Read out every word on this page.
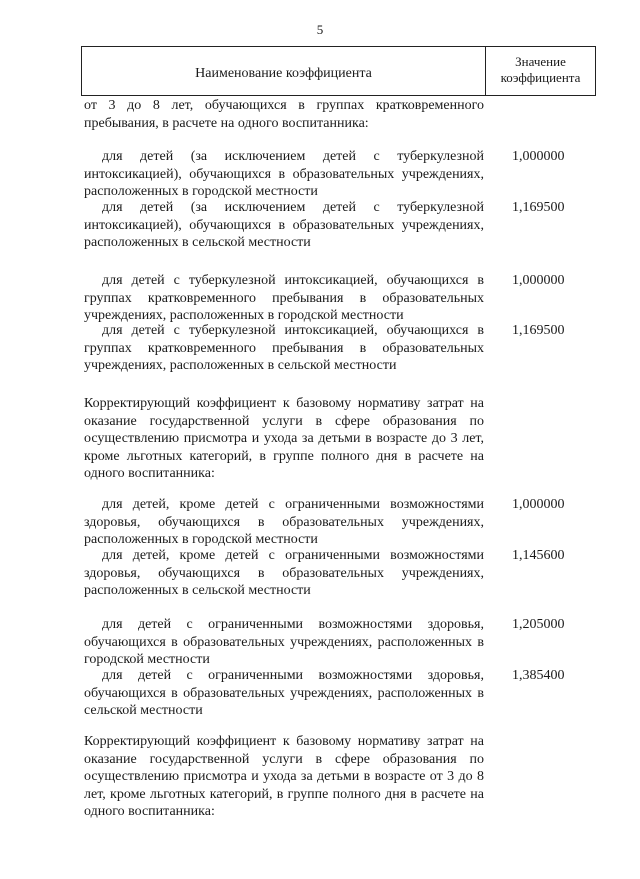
5
Наименование коэффициента
Значение коэффициента
от 3 до 8 лет, обучающихся в группах кратковременного пребывания, в расчете на одного воспитанника:
для детей (за исключением детей с туберкулезной интоксикацией), обучающихся в образовательных учреждениях, расположенных в городской местности
1,000000
для детей (за исключением детей с туберкулезной интоксикацией), обучающихся в образовательных учреждениях, расположенных в сельской местности
1,169500
для детей с туберкулезной интоксикацией, обучающихся в группах кратковременного пребывания в образовательных учреждениях, расположенных в городской местности
1,000000
для детей с туберкулезной интоксикацией, обучающихся в группах кратковременного пребывания в образовательных учреждениях, расположенных в сельской местности
1,169500
Корректирующий коэффициент к базовому нормативу затрат на оказание государственной услуги в сфере образования по осуществлению присмотра и ухода за детьми в возрасте до 3 лет, кроме льготных категорий, в группе полного дня в расчете на одного воспитанника:
для детей, кроме детей с ограниченными возможностями здоровья, обучающихся в образовательных учреждениях, расположенных в городской местности
1,000000
для детей, кроме детей с ограниченными возможностями здоровья, обучающихся в образовательных учреждениях, расположенных в сельской местности
1,145600
для детей с ограниченными возможностями здоровья, обучающихся в образовательных учреждениях, расположенных в городской местности
1,205000
для детей с ограниченными возможностями здоровья, обучающихся в образовательных учреждениях, расположенных в сельской местности
1,385400
Корректирующий коэффициент к базовому нормативу затрат на оказание государственной услуги в сфере образования по осуществлению присмотра и ухода за детьми в возрасте от 3 до 8 лет, кроме льготных категорий, в группе полного дня в расчете на одного воспитанника:
